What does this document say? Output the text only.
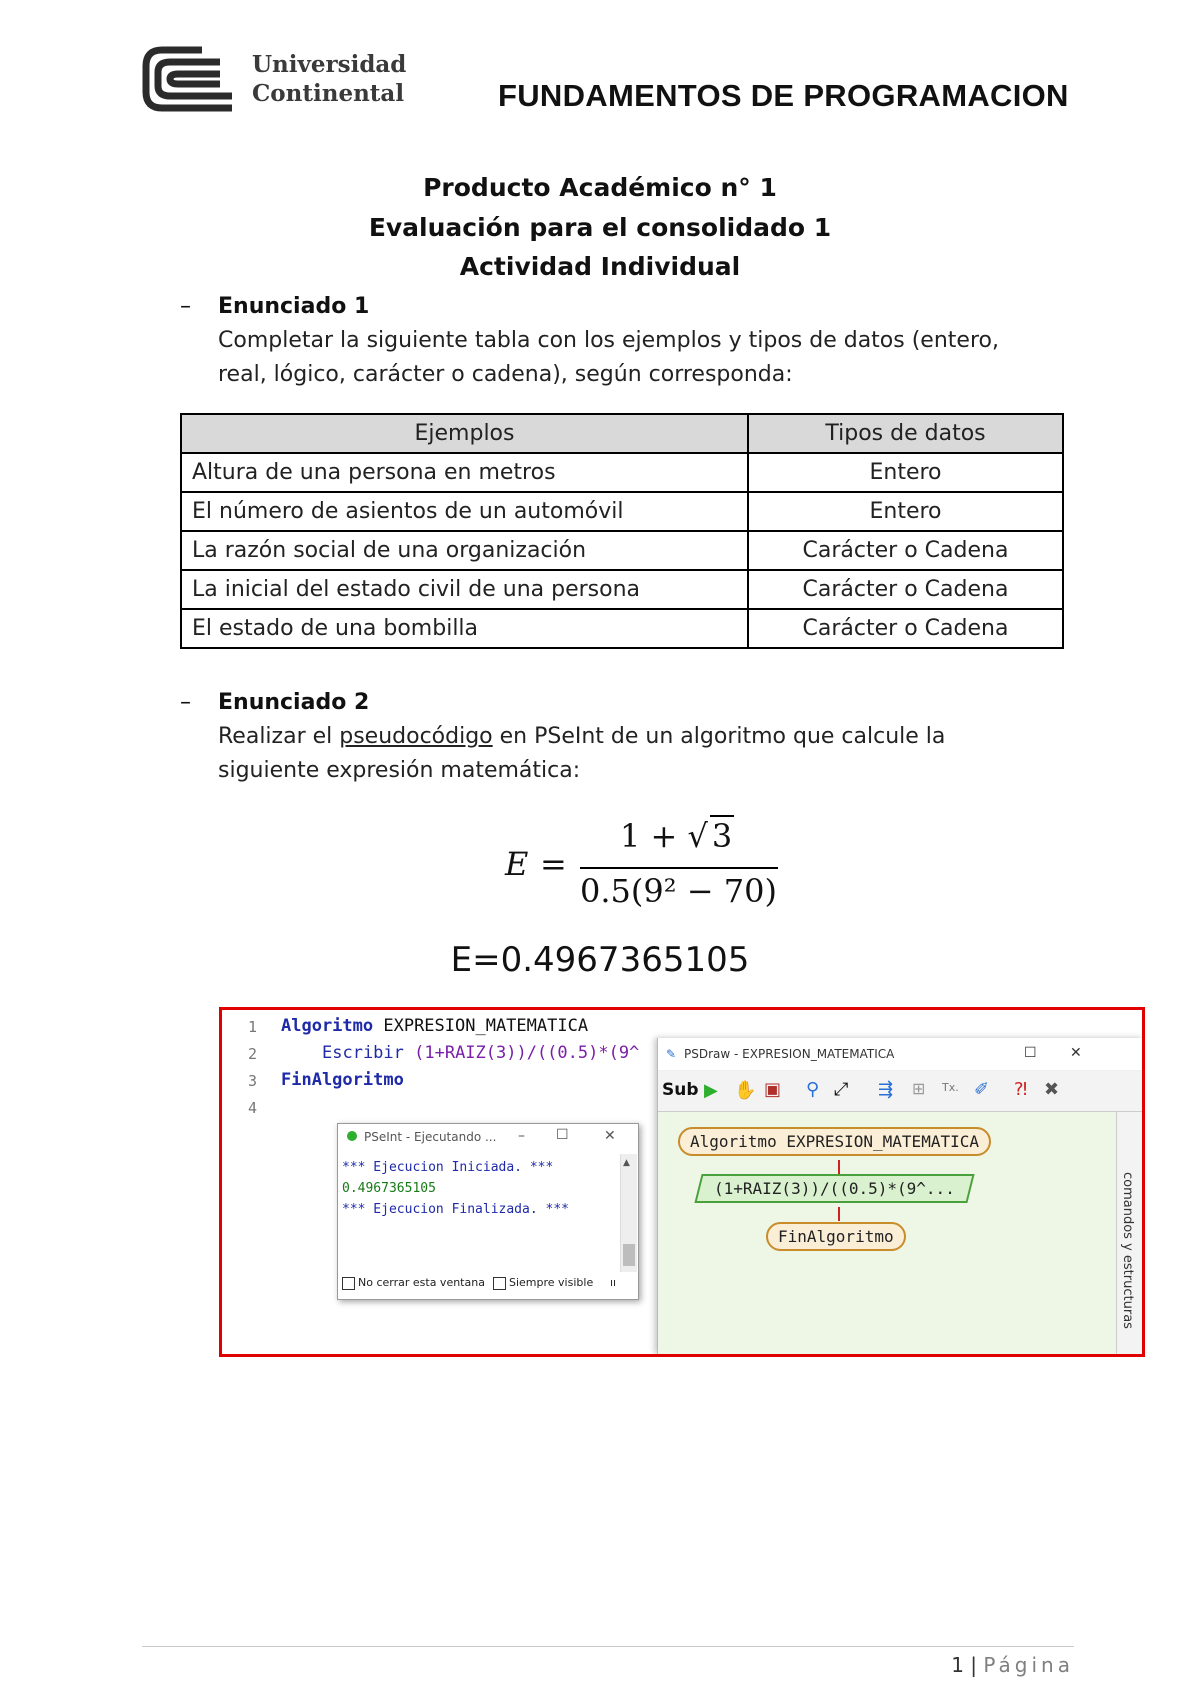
Universidad
Continental	FUNDAMENTOS DE PROGRAMACION
Producto Académico n° 1
Evaluación para el consolidado 1
Actividad Individual
– Enunciado 1
Completar la siguiente tabla con los ejemplos y tipos de datos (entero,
real, lógico, carácter o cadena), según corresponda:
Ejemplos	Tipos de datos
Altura de una persona en metros	Entero
El número de asientos de un automóvil	Entero
La razón social de una organización	Carácter o Cadena
La inicial del estado civil de una persona	Carácter o Cadena
El estado de una bombilla	Carácter o Cadena
– Enunciado 2
Realizar el pseudocódigo en PSeInt de un algoritmo que calcule la
siguiente expresión matemática:
E =
1 + √ 3
0.5(9² − 70)
E=0.4967365105
1
2
3
4
Algoritmo EXPRESION_MATEMATICA
Escribir (1+RAIZ(3))/((0.5)*(9^
FinAlgoritmo
PSeInt - Ejecutando ... – ☐	✕
*** Ejecucion Iniciada. ***
0.4967365105
*** Ejecucion Finalizada. ***
▲
No cerrar esta ventana	Siempre visible ıı
✎ PSDraw - EXPRESION_MATEMATICA	☐ ✕
Sub ▶ ✋ ▣ ⚲ ⤢ ⇶ ⊞ Tx. ✐ ⁈ ✖
Algoritmo EXPRESION_MATEMATICA
(1+RAIZ(3))/((0.5)*(9^...
FinAlgoritmo	comandos y estructuras
1 | Página
